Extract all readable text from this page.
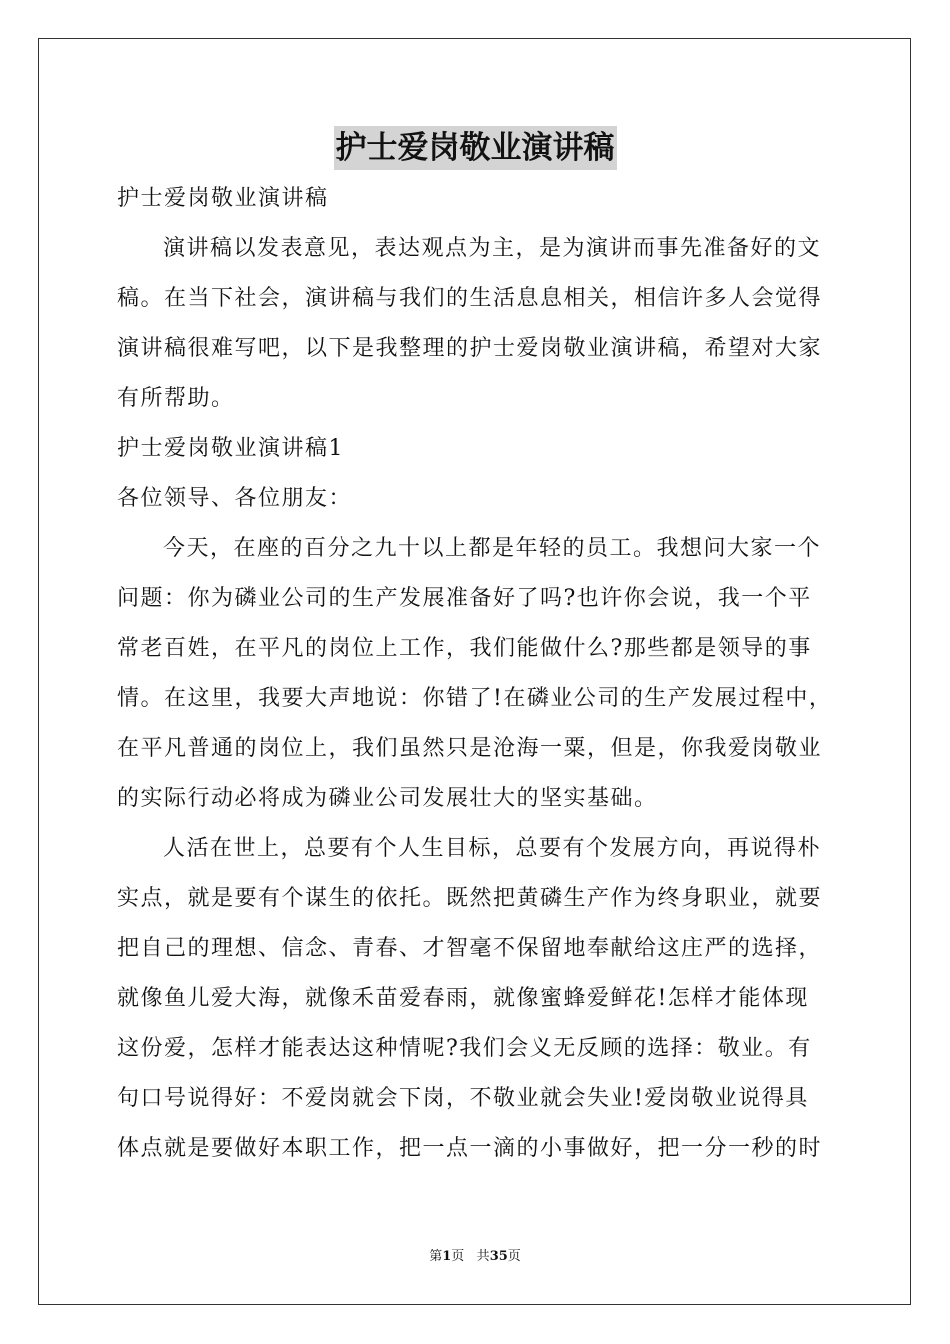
护士爱岗敬业演讲稿
护士爱岗敬业演讲稿
演讲稿以发表意见，表达观点为主，是为演讲而事先准备好的文
稿。在当下社会，演讲稿与我们的生活息息相关，相信许多人会觉得
演讲稿很难写吧，以下是我整理的护士爱岗敬业演讲稿，希望对大家
有所帮助。
护士爱岗敬业演讲稿1
各位领导、各位朋友：
今天，在座的百分之九十以上都是年轻的员工。我想问大家一个
问题：你为磷业公司的生产发展准备好了吗?也许你会说，我一个平
常老百姓，在平凡的岗位上工作，我们能做什么?那些都是领导的事
情。在这里，我要大声地说：你错了!在磷业公司的生产发展过程中，
在平凡普通的岗位上，我们虽然只是沧海一粟，但是，你我爱岗敬业
的实际行动必将成为磷业公司发展壮大的坚实基础。
人活在世上，总要有个人生目标，总要有个发展方向，再说得朴
实点，就是要有个谋生的依托。既然把黄磷生产作为终身职业，就要
把自己的理想、信念、青春、才智毫不保留地奉献给这庄严的选择，
就像鱼儿爱大海，就像禾苗爱春雨，就像蜜蜂爱鲜花!怎样才能体现
这份爱，怎样才能表达这种情呢?我们会义无反顾的选择：敬业。有
句口号说得好：不爱岗就会下岗，不敬业就会失业!爱岗敬业说得具
体点就是要做好本职工作，把一点一滴的小事做好，把一分一秒的时
第1页 共35页
